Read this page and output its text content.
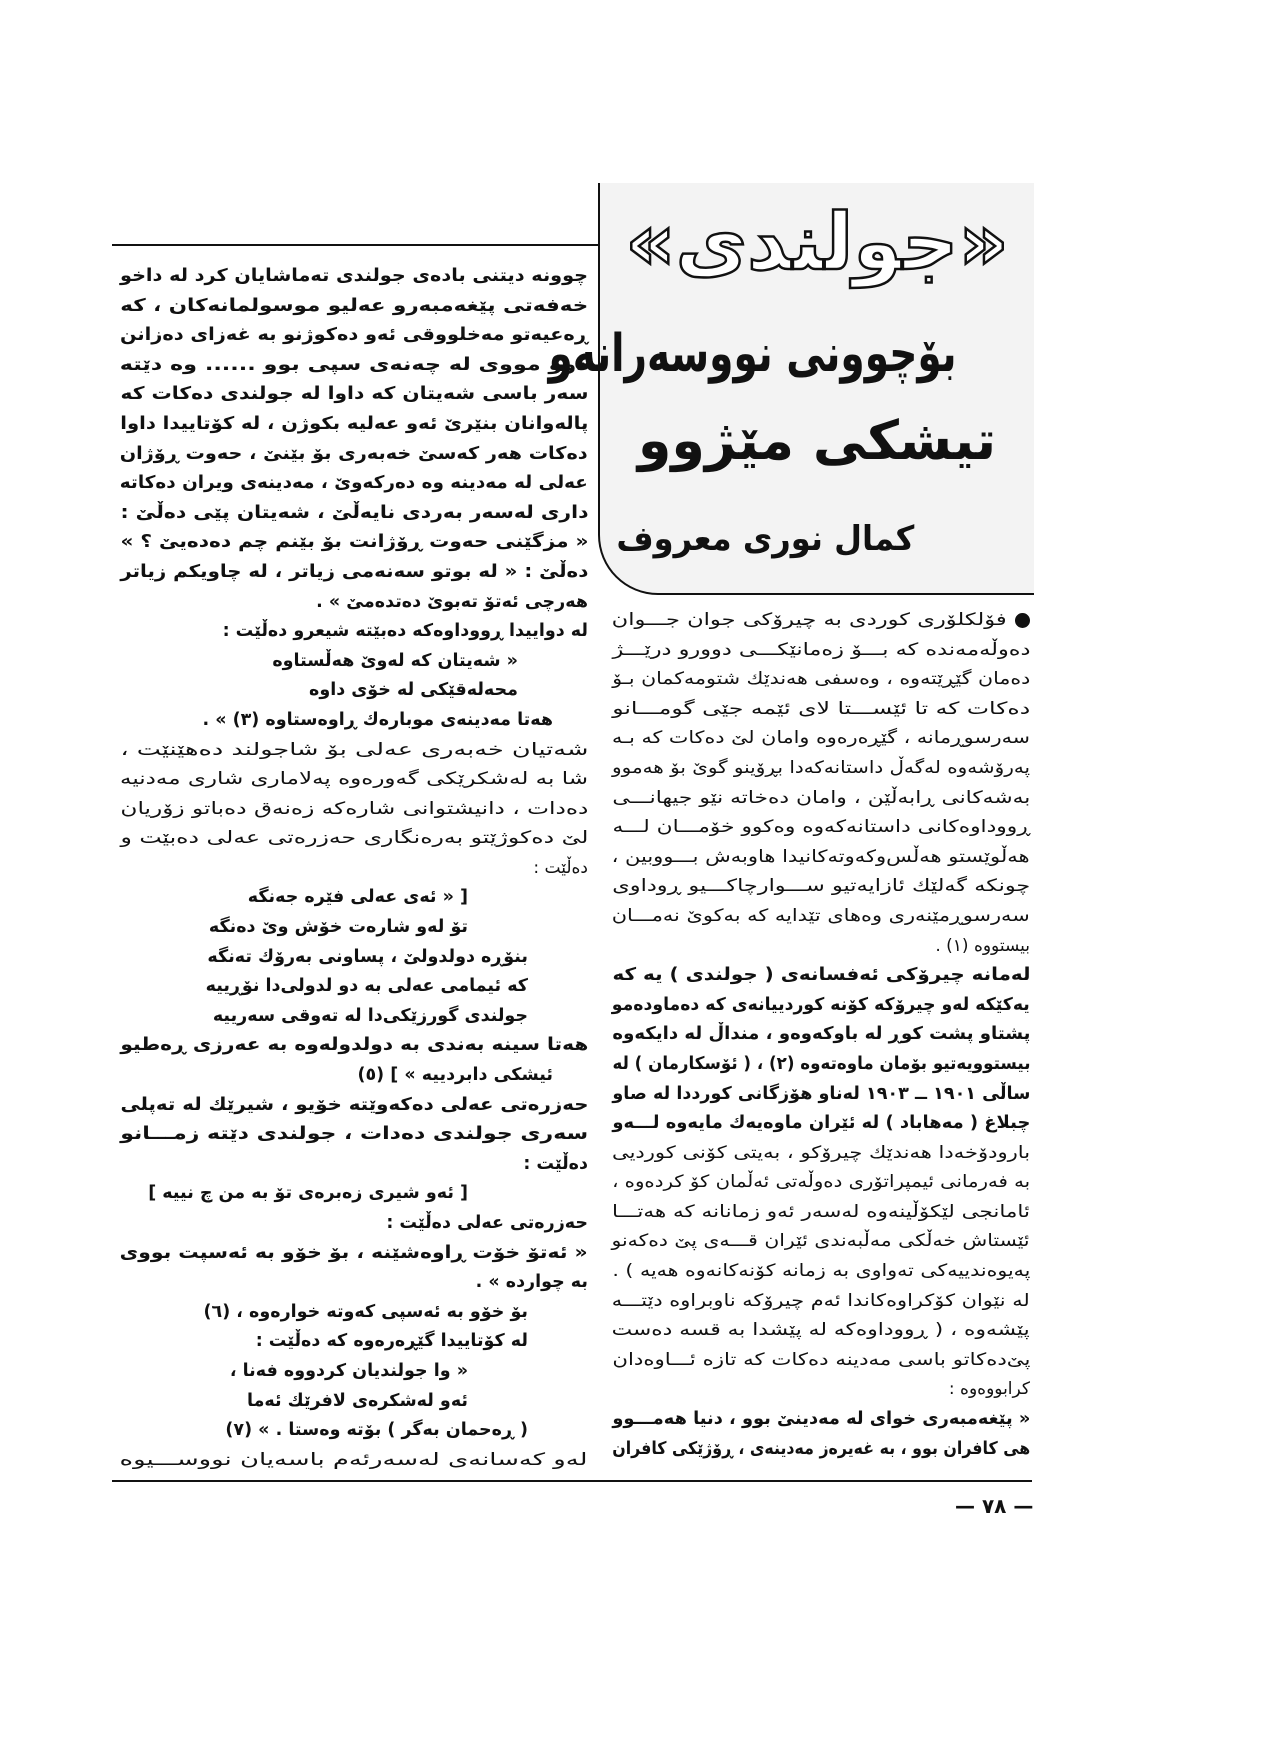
«جولندی»
بۆچوونی نووسەرانەو
تیشکی مێژوو
کمال نوری معروف
چوونە دیتنی بادەی جولندی تەماشایان کرد لە داخو
خەفەتی پێغەمبەرو عەلیو موسولمانەکان ، کە
ڕەعیەتو مەخلووقی ئەو دەکوژنو بە غەزای دەزانن
دوو مووی لە چەنەی سپی بوو ...... وە دێتە
سەر باسی شەیتان کە داوا لە جولندی دەکات کە
پالەوانان بنێرێ ئەو عەلیە بکوژن ، لە کۆتاییدا داوا
دەکات هەر کەسێ خەبەری بۆ بێنێ ، حەوت ڕۆژان
عەلی لە مەدینە وە دەرکەوێ ، مەدینەی ویران دەکاتە
داری لەسەر بەردی نایەڵێ ، شەیتان پێی دەڵێ :
« مزگێنی حەوت ڕۆژانت بۆ بێنم چم دەدەیێ ؟ »
دەڵێ : « لە بوتو سەنەمی زیاتر ، لە چاویکم زیاتر
هەرچی ئەتۆ تەبوێ دەتدەمێ » .
لە دواییدا ڕووداوەکە دەبێتە شیعرو دەڵێت :
« شەیتان کە لەوێ هەڵستاوە
محەلەقێکی لە خۆی داوە
هەتا مەدینەی موبارەك ڕاوەستاوە (٣) » .
شەتیان خەبەری عەلی بۆ شاجولند دەهێنێت ،
شا بە لەشکرێکی گەورەوە پەلاماری شاری مەدنیە
دەدات ، دانیشتوانی شارەکە زەنەق دەباتو زۆریان
لێ دەکوژێتو بەرەنگاری حەزرەتی عەلی دەبێت و
دەڵێت :
[ « ئەی عەلی فێرە جەنگە
تۆ لەو شارەت خۆش وێ دەنگە
بنۆڕە دولدولێ ، پساونی بەرۆك تەنگە
کە ئیمامی عەلی بە دو لدولی‌دا نۆڕییە
جولندی گورزێکی‌دا لە تەوقی سەرییە
هەتا سینە بەندی بە دولدولەوە بە عەرزی ڕەطیو
ئیشکی دابردییە » ] (٥)
حەزرەتی عەلی دەکەوێتە خۆیو ، شیرێك لە تەپلی
سەری جولندی دەدات ، جولندی دێتە زمـــانو
دەڵێت :
[ ئەو شیری زەبرەی تۆ بە من چ نییە ]
حەزرەتی عەلی دەڵێت :
« ئەتۆ خۆت ڕاوەشێنە ، بۆ خۆو بە ئەسپت بووی
بە چوارده » .
بۆ خۆو بە ئەسپی کەوتە خوارەوە ، (٦)
لە کۆتاییدا گێڕەرەوە کە دەڵێت :
« وا جولندیان کردووە فەنا ،
ئەو لەشکرەی لافرێك ئەما
( ڕەحمان بەگر ) بۆتە وەستا . » (٧)
لەو کەسانەی لەسەرئەم باسەیان نووســـیوە
فۆلکلۆری کوردی بە چیرۆکی جوان جـــوان
دەوڵەمەندە کە بـــۆ زەمانێکـــی دوورو درێـــژ
دەمان گێڕێتەوە ، وەسفی هەندێك شتومەکمان بـۆ
دەکات کە تا ئێســـتا لای ئێمە جێی گومـــانو
سەرسوڕمانە ، گێڕەرەوە وامان لێ دەکات کە بـە
پەرۆشەوە لەگەڵ داستانەکەدا بڕۆینو گوێ بۆ هەموو
بەشەکانی ڕابەڵێن ، وامان دەخاتە نێو جیهانـــی
ڕووداوەکانی داستانەکەوە وەکوو خۆمـــان لـــە
هەڵوێستو هەڵس‌وکەوتەکانیدا هاوبەش بـــووبین ،
چونکە گەلێك ئازایەتیو ســـوارچاکـــیو ڕوداوی
سەرسوڕمێنەری وەهای تێدایە کە بەکوێ نەمـــان
بیستووە (١) .
لەمانە چیرۆکی ئەفسانەی ( جولندی ) یە کە
یەکێکە لەو چیرۆکە کۆنە کوردییانەی کە دەماودەمو
پشتاو پشت کوڕ لە باوکەوەو ، منداڵ لە دایکەوە
بیستوویەتیو بۆمان ماوەتەوە (٢) ، ( ئۆسکارمان ) لە
ساڵی ١٩٠١ ــ ١٩٠٣ لەناو هۆزگانی کورددا لە صاو
چبلاغ ( مەهاباد ) لە ئێران ماوەیەك مایەوە لـــەو
بارودۆخەدا هەندێك چیرۆکو ، بەیتی کۆنی کوردیی
بە فەرمانی ئیمپراتۆری دەوڵەتی ئەڵمان کۆ کردەوە ،
ئامانجی لێکۆڵینەوە لەسەر ئەو زمانانە کە هەتـــا
ئێستاش خەڵکی مەڵبەندی ئێران قـــەی پێ دەکەنو
پەیوەندییەکی تەواوی بە زمانە کۆنەکانەوە هەیە ) .
لە نێوان کۆکراوەکاندا ئەم چیرۆکە ناوبراوە دێتـــە
پێشەوە ، ( ڕووداوەکە لە پێشدا بە قسە دەست
پێ‌دەکاتو باسی مەدینە دەکات کە تازە ئـــاوەدان
کرابووەوە :
« پێغەمبەری خوای لە مەدینێ بوو ، دنیا هەمـــوو
هی کافران بوو ، بە غەیرەز مەدینەی ، ڕۆژێکی کافران
— ٧٨ —
